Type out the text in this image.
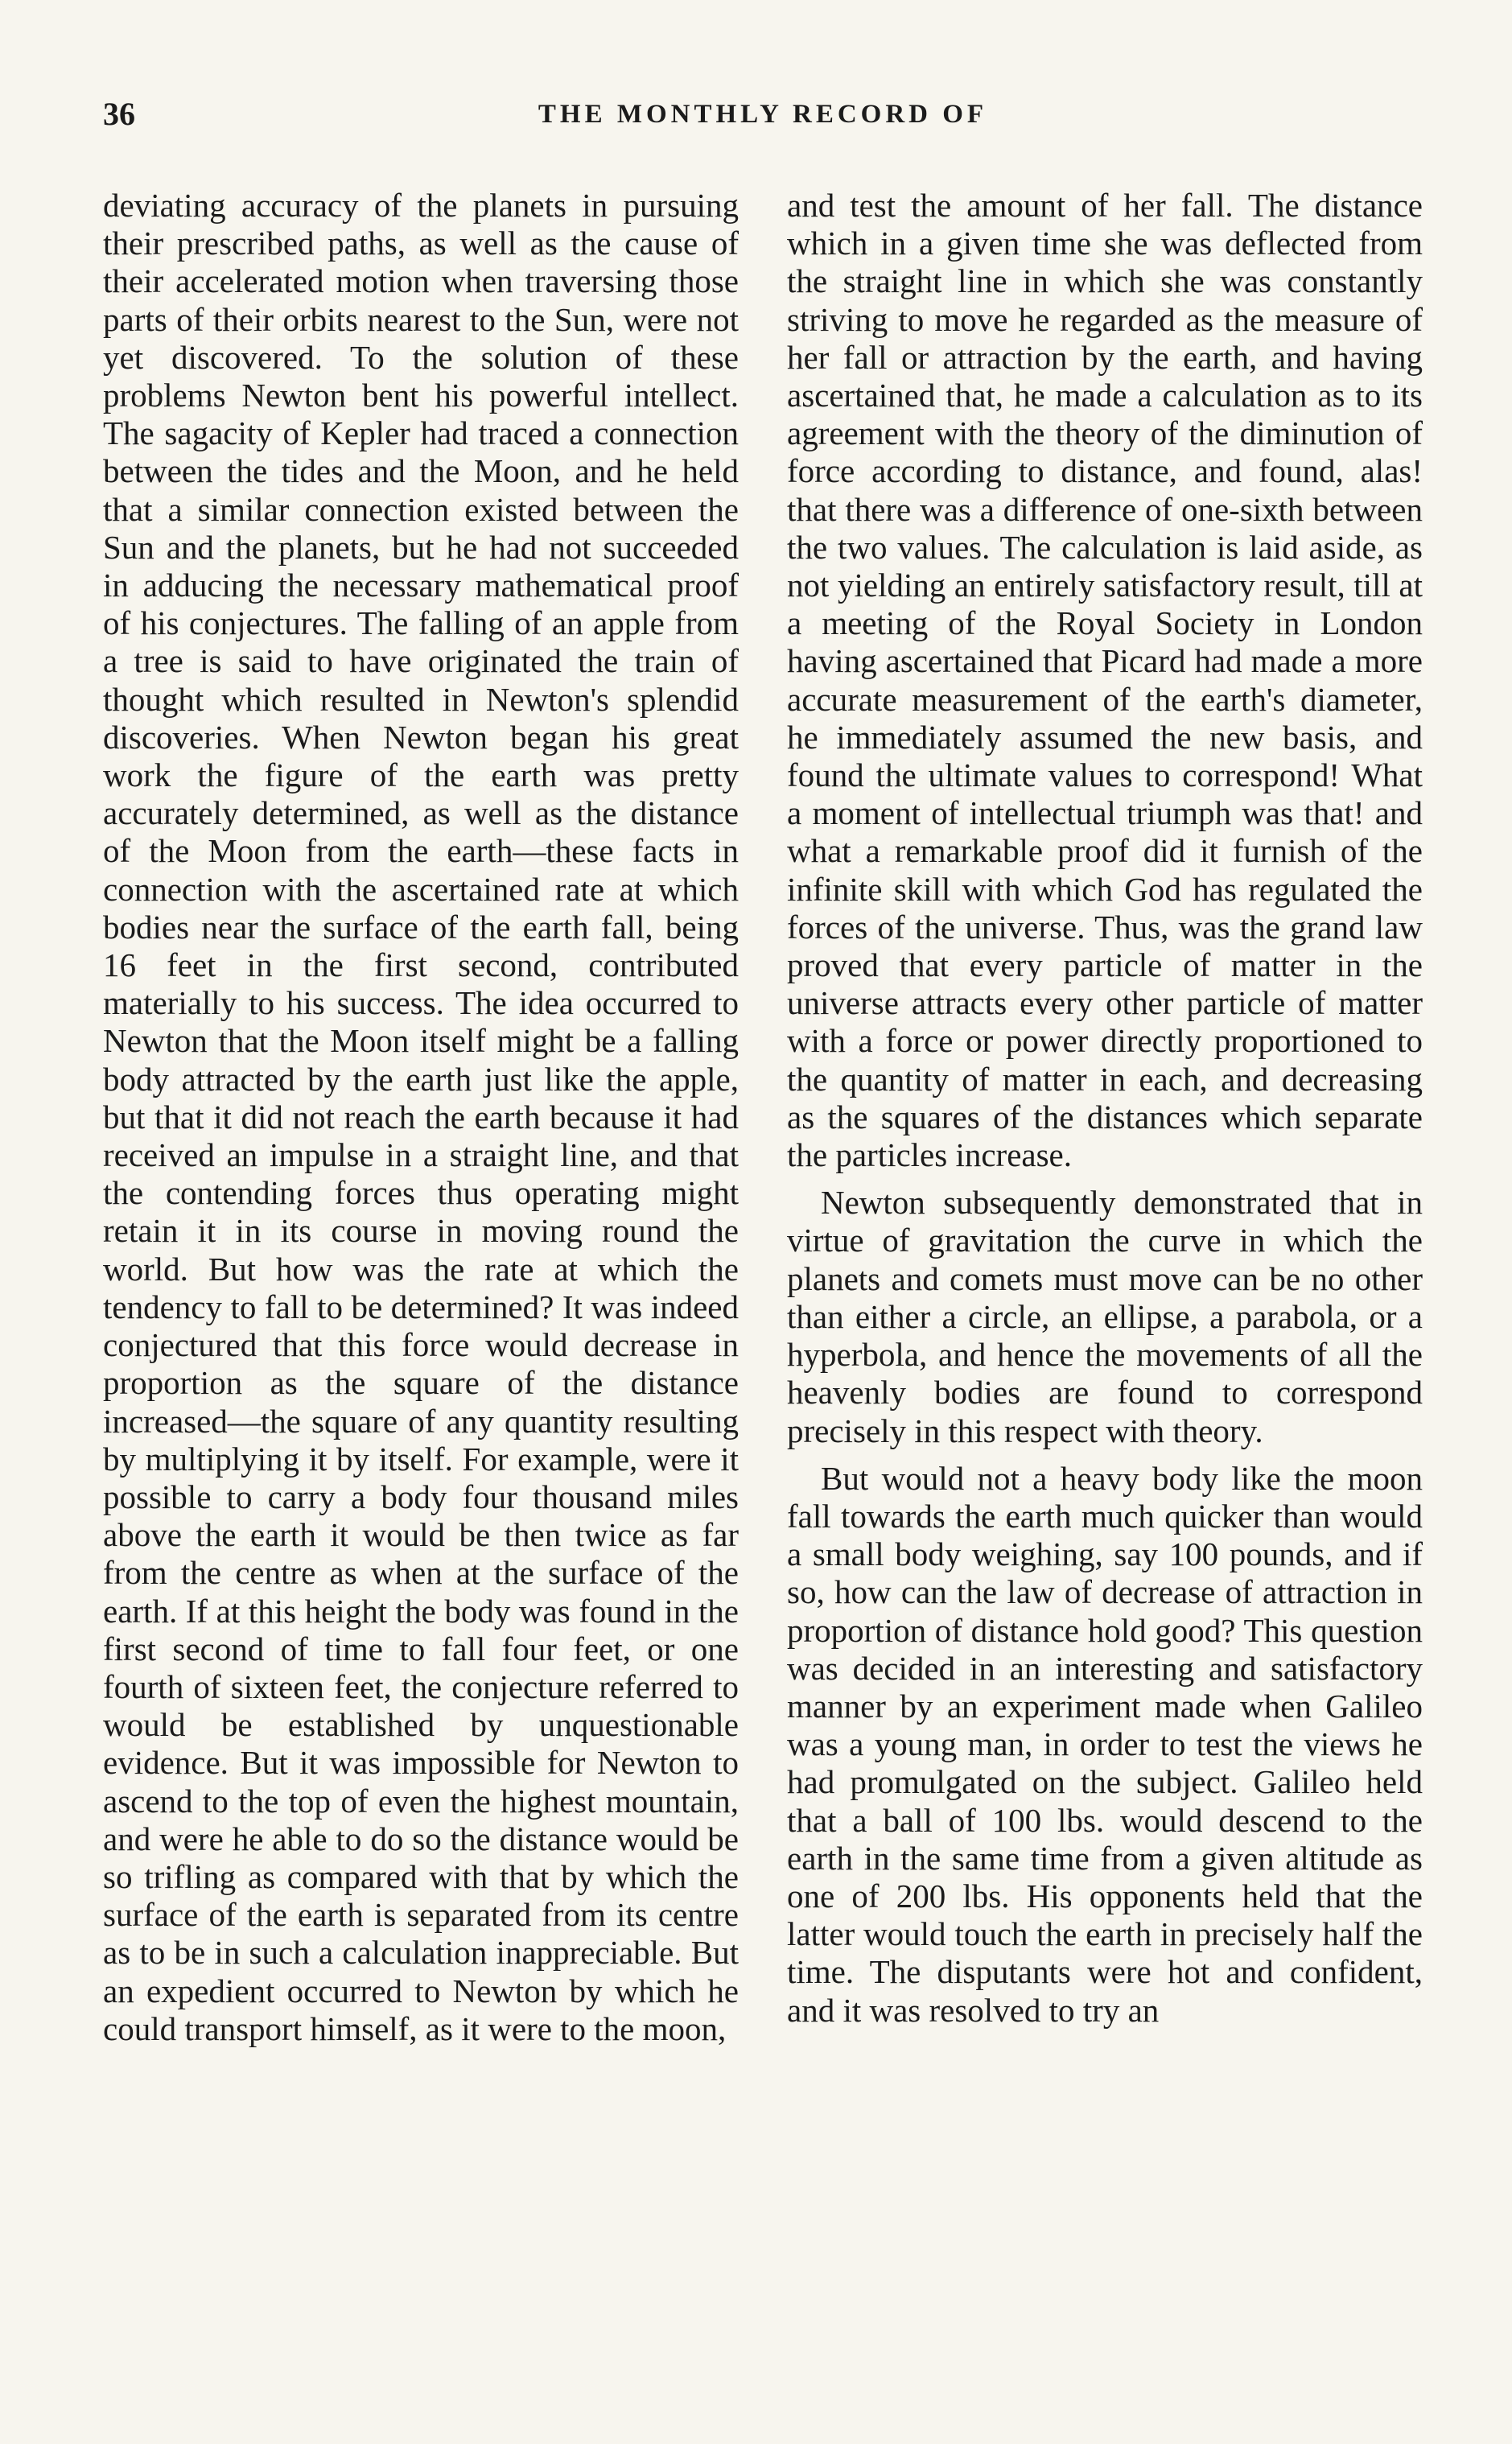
36	THE MONTHLY RECORD OF

deviating accuracy of the planets in pursuing their prescribed paths, as well as the cause of their accelerated motion when traversing those parts of their orbits nearest to the Sun, were not yet discovered. To the solution of these problems Newton bent his powerful intellect. The sagacity of Kepler had traced a connection between the tides and the Moon, and he held that a similar connection existed between the Sun and the planets, but he had not succeeded in adducing the necessary mathematical proof of his conjectures. The falling of an apple from a tree is said to have originated the train of thought which resulted in Newton's splendid discoveries. When Newton began his great work the figure of the earth was pretty accurately determined, as well as the distance of the Moon from the earth—these facts in connection with the ascertained rate at which bodies near the surface of the earth fall, being 16 feet in the first second, contributed materially to his success. The idea occurred to Newton that the Moon itself might be a falling body attracted by the earth just like the apple, but that it did not reach the earth because it had received an impulse in a straight line, and that the contending forces thus operating might retain it in its course in moving round the world. But how was the rate at which the tendency to fall to be determined? It was indeed conjectured that this force would decrease in proportion as the square of the distance increased—the square of any quantity resulting by multiplying it by itself. For example, were it possible to carry a body four thousand miles above the earth it would be then twice as far from the centre as when at the surface of the earth. If at this height the body was found in the first second of time to fall four feet, or one fourth of sixteen feet, the conjecture referred to would be established by unquestionable evidence. But it was impossible for Newton to ascend to the top of even the highest mountain, and were he able to do so the distance would be so trifling as compared with that by which the surface of the earth is separated from its centre as to be in such a calculation inappreciable. But an expedient occurred to Newton by which he could transport himself, as it were to the moon,

and test the amount of her fall. The distance which in a given time she was deflected from the straight line in which she was constantly striving to move he regarded as the measure of her fall or attraction by the earth, and having ascertained that, he made a calculation as to its agreement with the theory of the diminution of force according to distance, and found, alas! that there was a difference of one-sixth between the two values. The calculation is laid aside, as not yielding an entirely satisfactory result, till at a meeting of the Royal Society in London having ascertained that Picard had made a more accurate measurement of the earth's diameter, he immediately assumed the new basis, and found the ultimate values to correspond! What a moment of intellectual triumph was that! and what a remarkable proof did it furnish of the infinite skill with which God has regulated the forces of the universe. Thus, was the grand law proved that every particle of matter in the universe attracts every other particle of matter with a force or power directly proportioned to the quantity of matter in each, and decreasing as the squares of the distances which separate the particles increase.

Newton subsequently demonstrated that in virtue of gravitation the curve in which the planets and comets must move can be no other than either a circle, an ellipse, a parabola, or a hyperbola, and hence the movements of all the heavenly bodies are found to correspond precisely in this respect with theory.

But would not a heavy body like the moon fall towards the earth much quicker than would a small body weighing, say 100 pounds, and if so, how can the law of decrease of attraction in proportion of distance hold good? This question was decided in an interesting and satisfactory manner by an experiment made when Galileo was a young man, in order to test the views he had promulgated on the subject. Galileo held that a ball of 100 lbs. would descend to the earth in the same time from a given altitude as one of 200 lbs. His opponents held that the latter would touch the earth in precisely half the time. The disputants were hot and confident, and it was resolved to try an
